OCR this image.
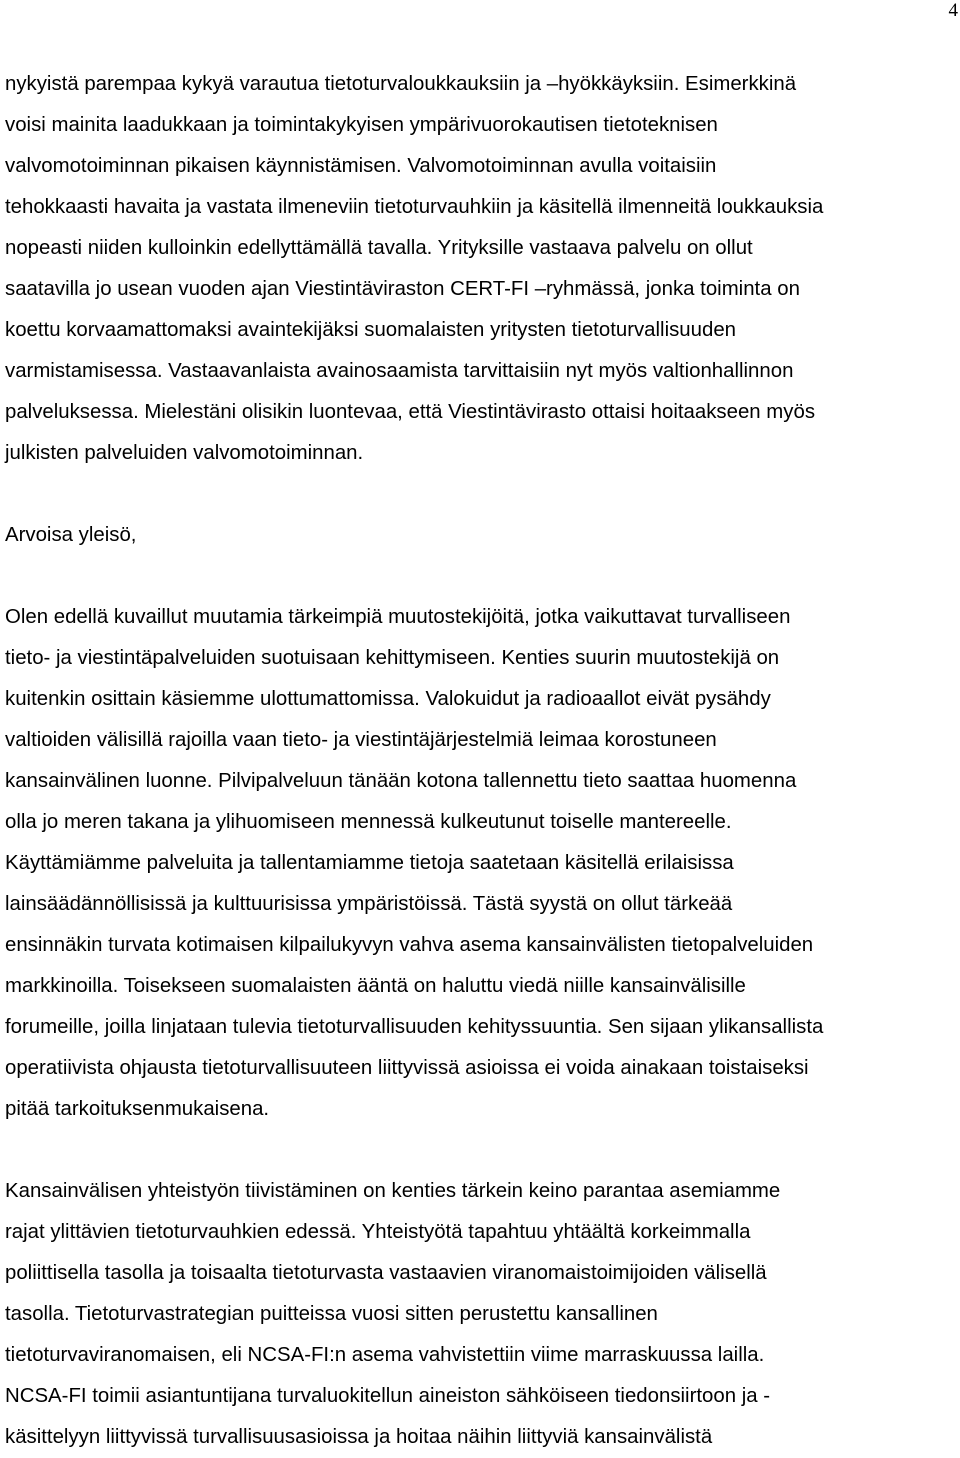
4

nykyistä parempaa kykyä varautua tietoturvaloukkauksiin ja –hyökkäyksiin. Esimerkkinä
voisi mainita laadukkaan ja toimintakykyisen ympärivuorokautisen tietoteknisen
valvomotoiminnan pikaisen käynnistämisen. Valvomotoiminnan avulla voitaisiin
tehokkaasti havaita ja vastata ilmeneviin tietoturvauhkiin ja käsitellä ilmenneitä loukkauksia
nopeasti niiden kulloinkin edellyttämällä tavalla. Yrityksille vastaava palvelu on ollut
saatavilla jo usean vuoden ajan Viestintäviraston CERT-FI –ryhmässä, jonka toiminta on
koettu korvaamattomaksi avaintekijäksi suomalaisten yritysten tietoturvallisuuden
varmistamisessa. Vastaavanlaista avainosaamista tarvittaisiin nyt myös valtionhallinnon
palveluksessa. Mielestäni olisikin luontevaa, että Viestintävirasto ottaisi hoitaakseen myös
julkisten palveluiden valvomotoiminnan.

Arvoisa yleisö,

Olen edellä kuvaillut muutamia tärkeimpiä muutostekijöitä, jotka vaikuttavat turvalliseen
tieto- ja viestintäpalveluiden suotuisaan kehittymiseen. Kenties suurin muutostekijä on
kuitenkin osittain käsiemme ulottumattomissa. Valokuidut ja radioaallot eivät pysähdy
valtioiden välisillä rajoilla vaan tieto- ja viestintäjärjestelmiä leimaa korostuneen
kansainvälinen luonne. Pilvipalveluun tänään kotona tallennettu tieto saattaa huomenna
olla jo meren takana ja ylihuomiseen mennessä kulkeutunut toiselle mantereelle.
Käyttämiämme palveluita ja tallentamiamme tietoja saatetaan käsitellä erilaisissa
lainsäädännöllisissä ja kulttuurisissa ympäristöissä. Tästä syystä on ollut tärkeää
ensinnäkin turvata kotimaisen kilpailukyvyn vahva asema kansainvälisten tietopalveluiden
markkinoilla. Toisekseen suomalaisten ääntä on haluttu viedä niille kansainvälisille
forumeille, joilla linjataan tulevia tietoturvallisuuden kehityssuuntia. Sen sijaan ylikansallista
operatiivista ohjausta tietoturvallisuuteen liittyvissä asioissa ei voida ainakaan toistaiseksi
pitää tarkoituksenmukaisena.

Kansainvälisen yhteistyön tiivistäminen on kenties tärkein keino parantaa asemiamme
rajat ylittävien tietoturvauhkien edessä. Yhteistyötä tapahtuu yhtäältä korkeimmalla
poliittisella tasolla ja toisaalta tietoturvasta vastaavien viranomaistoimijoiden välisellä
tasolla. Tietoturvastrategian puitteissa vuosi sitten perustettu kansallinen
tietoturvaviranomaisen, eli NCSA-FI:n asema vahvistettiin viime marraskuussa lailla.
NCSA-FI toimii asiantuntijana turvaluokitellun aineiston sähköiseen tiedonsiirtoon ja -
käsittelyyn liittyvissä turvallisuusasioissa ja hoitaa näihin liittyviä kansainvälistä
